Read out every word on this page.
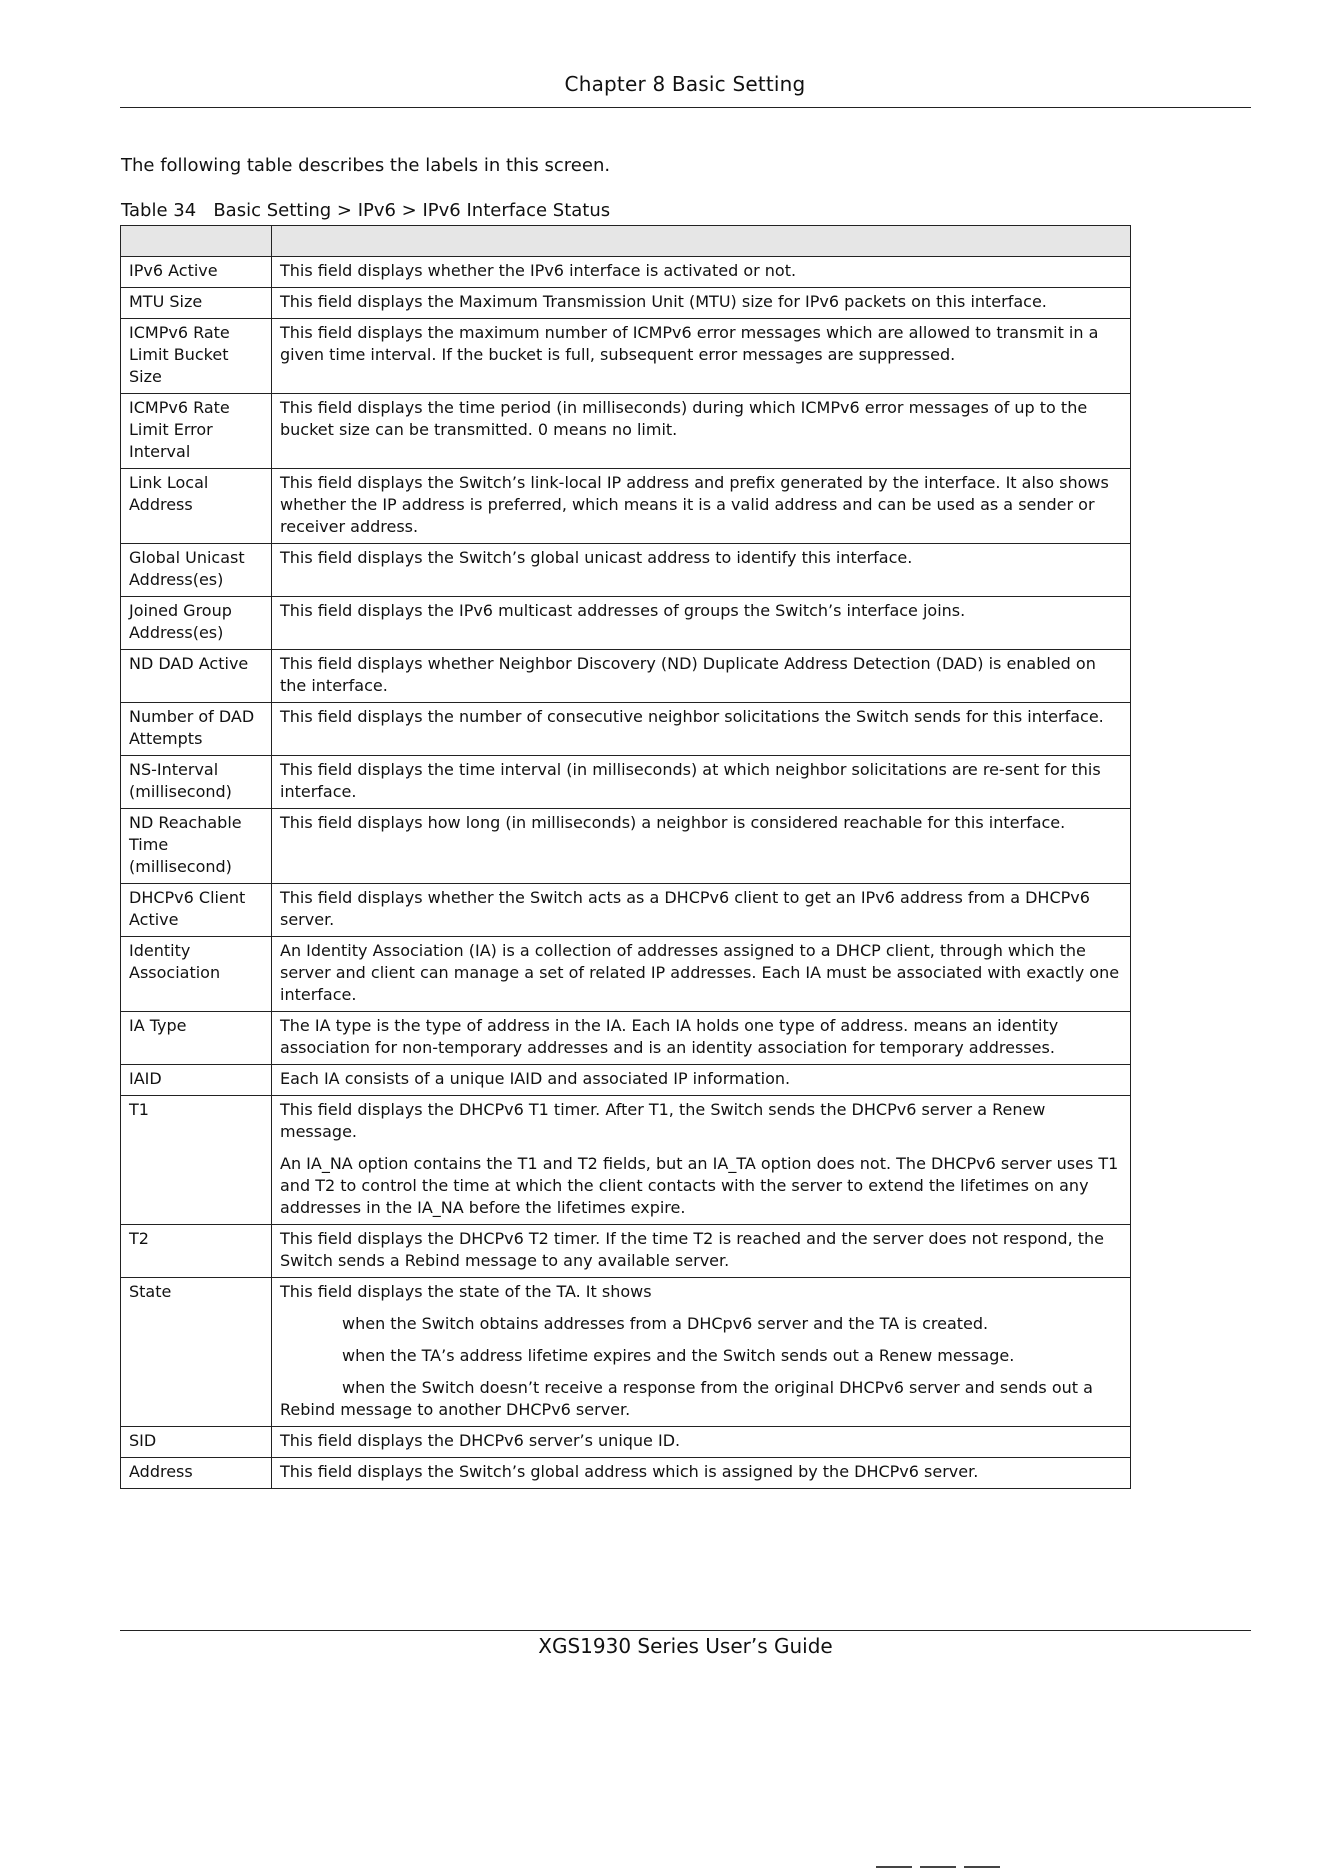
Chapter 8 Basic Setting
The following table describes the labels in this screen.
Table 34   Basic Setting > IPv6 > IPv6 Interface Status

IPv6 Active	This field displays whether the IPv6 interface is activated or not.

MTU Size	This field displays the Maximum Transmission Unit (MTU) size for IPv6 packets on this interface.

ICMPv6 Rate Limit Bucket Size	This field displays the maximum number of ICMPv6 error messages which are allowed to transmit in a given time interval. If the bucket is full, subsequent error messages are suppressed.

ICMPv6 Rate Limit Error Interval	This field displays the time period (in milliseconds) during which ICMPv6 error messages of up to the bucket size can be transmitted. 0 means no limit.

Link Local Address	This field displays the Switch’s link-local IP address and prefix generated by the interface. It also shows whether the IP address is preferred, which means it is a valid address and can be used as a sender or receiver address.

Global Unicast Address(es)	This field displays the Switch’s global unicast address to identify this interface.

Joined Group Address(es)	This field displays the IPv6 multicast addresses of groups the Switch’s interface joins.

ND DAD Active	This field displays whether Neighbor Discovery (ND) Duplicate Address Detection (DAD) is enabled on the interface.

Number of DAD Attempts	This field displays the number of consecutive neighbor solicitations the Switch sends for this interface.

NS-Interval (millisecond)	This field displays the time interval (in milliseconds) at which neighbor solicitations are re-sent for this interface.

ND Reachable Time (millisecond)	This field displays how long (in milliseconds) a neighbor is considered reachable for this interface.

DHCPv6 Client Active	This field displays whether the Switch acts as a DHCPv6 client to get an IPv6 address from a DHCPv6 server.

Identity Association	An Identity Association (IA) is a collection of addresses assigned to a DHCP client, through which the server and client can manage a set of related IP addresses. Each IA must be associated with exactly one interface.

IA Type	The IA type is the type of address in the IA. Each IA holds one type of address. means an identity association for non-temporary addresses and is an identity association for temporary addresses.

IAID	Each IA consists of a unique IAID and associated IP information.

T1	This field displays the DHCPv6 T1 timer. After T1, the Switch sends the DHCPv6 server a Renew message.
An IA_NA option contains the T1 and T2 fields, but an IA_TA option does not. The DHCPv6 server uses T1 and T2 to control the time at which the client contacts with the server to extend the lifetimes on any addresses in the IA_NA before the lifetimes expire.

T2	This field displays the DHCPv6 T2 timer. If the time T2 is reached and the server does not respond, the Switch sends a Rebind message to any available server.

State	This field displays the state of the TA. It shows
when the Switch obtains addresses from a DHCpv6 server and the TA is created.
when the TA’s address lifetime expires and the Switch sends out a Renew message.
when the Switch doesn’t receive a response from the original DHCPv6 server and sends out a Rebind message to another DHCPv6 server.

SID	This field displays the DHCPv6 server’s unique ID.

Address	This field displays the Switch’s global address which is assigned by the DHCPv6 server.
XGS1930 Series User’s Guide
